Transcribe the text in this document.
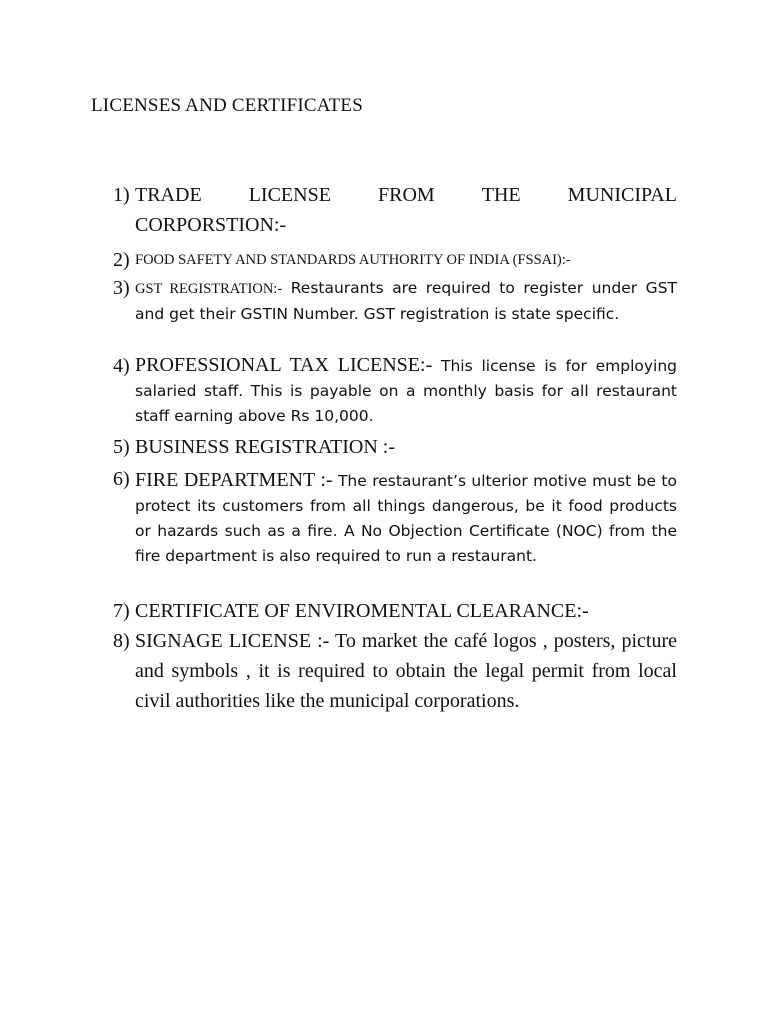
LICENSES AND CERTIFICATES
1) TRADE LICENSE FROM THE MUNICIPAL
CORPORSTION:-
2) FOOD SAFETY AND STANDARDS AUTHORITY OF INDIA (FSSAI):-
3) GST REGISTRATION:- Restaurants are required to register under GST and get their GSTIN Number. GST registration is state specific.
4) PROFESSIONAL TAX LICENSE:- This license is for employing salaried staff. This is payable on a monthly basis for all restaurant staff earning above Rs 10,000.
5) BUSINESS REGISTRATION :-
6) FIRE DEPARTMENT :- The restaurant’s ulterior motive must be to protect its customers from all things dangerous, be it food products or hazards such as a fire. A No Objection Certificate (NOC) from the fire department is also required to run a restaurant.
7) CERTIFICATE OF ENVIROMENTAL CLEARANCE:-
8) SIGNAGE LICENSE :- To market the café logos , posters, picture and symbols , it is required to obtain the legal permit from local civil authorities like the municipal corporations.
